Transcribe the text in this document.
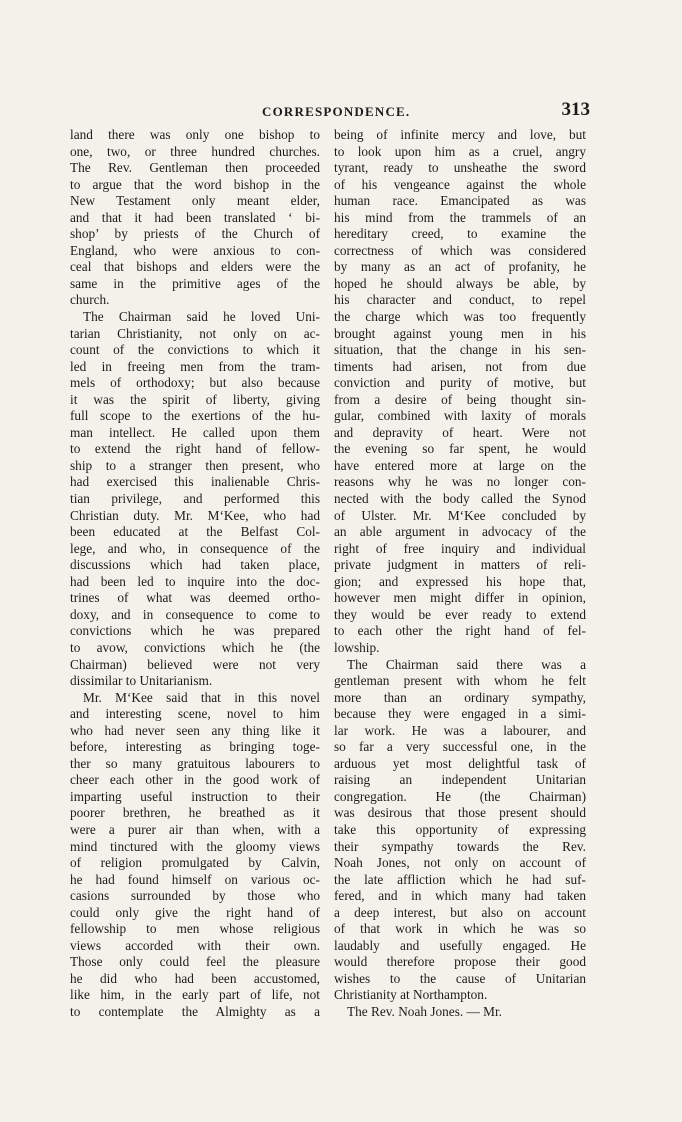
CORRESPONDENCE.	313
land there was only one bishop to
one, two, or three hundred churches.
The Rev. Gentleman then proceeded
to argue that the word bishop in the
New Testament only meant elder,
and that it had been translated ‘ bi-
shop’ by priests of the Church of
England, who were anxious to con-
ceal that bishops and elders were the
same in the primitive ages of the
church.
The Chairman said he loved Uni-
tarian Christianity, not only on ac-
count of the convictions to which it
led in freeing men from the tram-
mels of orthodoxy; but also because
it was the spirit of liberty, giving
full scope to the exertions of the hu-
man intellect. He called upon them
to extend the right hand of fellow-
ship to a stranger then present, who
had exercised this inalienable Chris-
tian privilege, and performed this
Christian duty. Mr. M‘Kee, who had
been educated at the Belfast Col-
lege, and who, in consequence of the
discussions which had taken place,
had been led to inquire into the doc-
trines of what was deemed ortho-
doxy, and in consequence to come to
convictions which he was prepared
to avow, convictions which he (the
Chairman) believed were not very
dissimilar to Unitarianism.
Mr. M‘Kee said that in this novel
and interesting scene, novel to him
who had never seen any thing like it
before, interesting as bringing toge-
ther so many gratuitous labourers to
cheer each other in the good work of
imparting useful instruction to their
poorer brethren, he breathed as it
were a purer air than when, with a
mind tinctured with the gloomy views
of religion promulgated by Calvin,
he had found himself on various oc-
casions surrounded by those who
could only give the right hand of
fellowship to men whose religious
views accorded with their own.
Those only could feel the pleasure
he did who had been accustomed,
like him, in the early part of life, not
to contemplate the Almighty as a
being of infinite mercy and love, but
to look upon him as a cruel, angry
tyrant, ready to unsheathe the sword
of his vengeance against the whole
human race. Emancipated as was
his mind from the trammels of an
hereditary creed, to examine the
correctness of which was considered
by many as an act of profanity, he
hoped he should always be able, by
his character and conduct, to repel
the charge which was too frequently
brought against young men in his
situation, that the change in his sen-
timents had arisen, not from due
conviction and purity of motive, but
from a desire of being thought sin-
gular, combined with laxity of morals
and depravity of heart. Were not
the evening so far spent, he would
have entered more at large on the
reasons why he was no longer con-
nected with the body called the Synod
of Ulster. Mr. M‘Kee concluded by
an able argument in advocacy of the
right of free inquiry and individual
private judgment in matters of reli-
gion; and expressed his hope that,
however men might differ in opinion,
they would be ever ready to extend
to each other the right hand of fel-
lowship.
The Chairman said there was a
gentleman present with whom he felt
more than an ordinary sympathy,
because they were engaged in a simi-
lar work. He was a labourer, and
so far a very successful one, in the
arduous yet most delightful task of
raising an independent Unitarian
congregation. He (the Chairman)
was desirous that those present should
take this opportunity of expressing
their sympathy towards the Rev.
Noah Jones, not only on account of
the late affliction which he had suf-
fered, and in which many had taken
a deep interest, but also on account
of that work in which he was so
laudably and usefully engaged. He
would therefore propose their good
wishes to the cause of Unitarian
Christianity at Northampton.
The Rev. Noah Jones. — Mr.
